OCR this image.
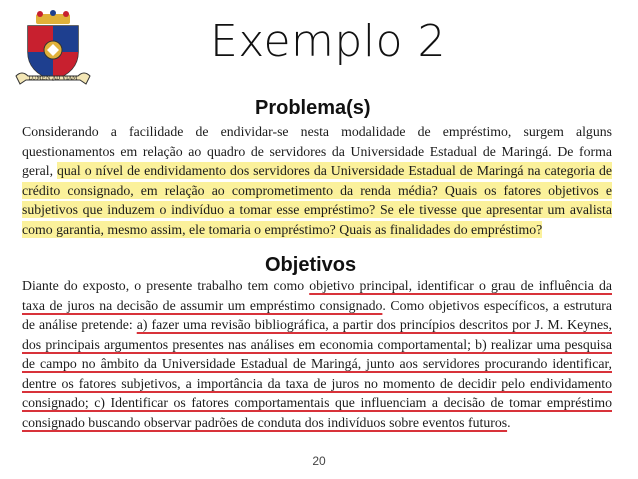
LUMEN AD VIAM
Exemplo 2
Problema(s)
Considerando a facilidade de endividar-se nesta modalidade de empréstimo, surgem alguns questionamentos em relação ao quadro de servidores da Universidade Estadual de Maringá. De forma geral, qual o nível de endividamento dos servidores da Universidade Estadual de Maringá na categoria de crédito consignado, em relação ao comprometimento da renda média? Quais os fatores objetivos e subjetivos que induzem o indivíduo a tomar esse empréstimo? Se ele tivesse que apresentar um avalista como garantia, mesmo assim, ele tomaria o empréstimo? Quais as finalidades do empréstimo?
Objetivos
Diante do exposto, o presente trabalho tem como objetivo principal, identificar o grau de influência da taxa de juros na decisão de assumir um empréstimo consignado. Como objetivos específicos, a estrutura de análise pretende: a) fazer uma revisão bibliográfica, a partir dos princípios descritos por J. M. Keynes, dos principais argumentos presentes nas análises em economia comportamental; b) realizar uma pesquisa de campo no âmbito da Universidade Estadual de Maringá, junto aos servidores procurando identificar, dentre os fatores subjetivos, a importância da taxa de juros no momento de decidir pelo endividamento consignado; c) Identificar os fatores comportamentais que influenciam a decisão de tomar empréstimo consignado buscando observar padrões de conduta dos indivíduos sobre eventos futuros.
20
